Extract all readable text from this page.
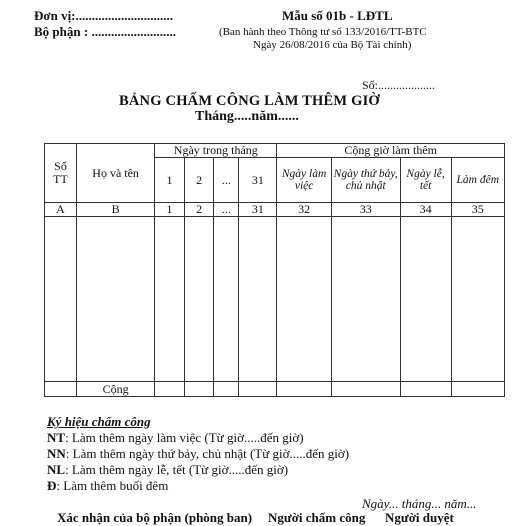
Đơn vị:..............................
Bộ phận : ..........................
Mẫu số 01b - LĐTL
(Ban hành theo Thông tư số 133/2016/TT-BTC
Ngày 26/08/2016 của Bộ Tài chính)
Số:...................
BẢNG CHẤM CÔNG LÀM THÊM GIỜ
Tháng.....năm......
Số
TT	Họ và tên	Ngày trong tháng				Cộng giờ làm thêm			
		1	2	...	31	Ngày làm việc	Ngày thứ bảy, chủ nhật	Ngày lễ, tết	Làm đêm
A	B	1	2	...	31	32	33	34	35

	Cộng								
Ký hiệu chấm công
NT: Làm thêm ngày làm việc (Từ giờ.....đến giờ)
NN: Làm thêm ngày thứ bảy, chủ nhật (Từ giờ.....đến giờ)
NL: Làm thêm ngày lễ, tết (Từ giờ.....đến giờ)
Đ: Làm thêm buổi đêm
Ngày... tháng... năm...
Xác nhận của bộ phận (phòng ban) Người chấm công Người duyệt
